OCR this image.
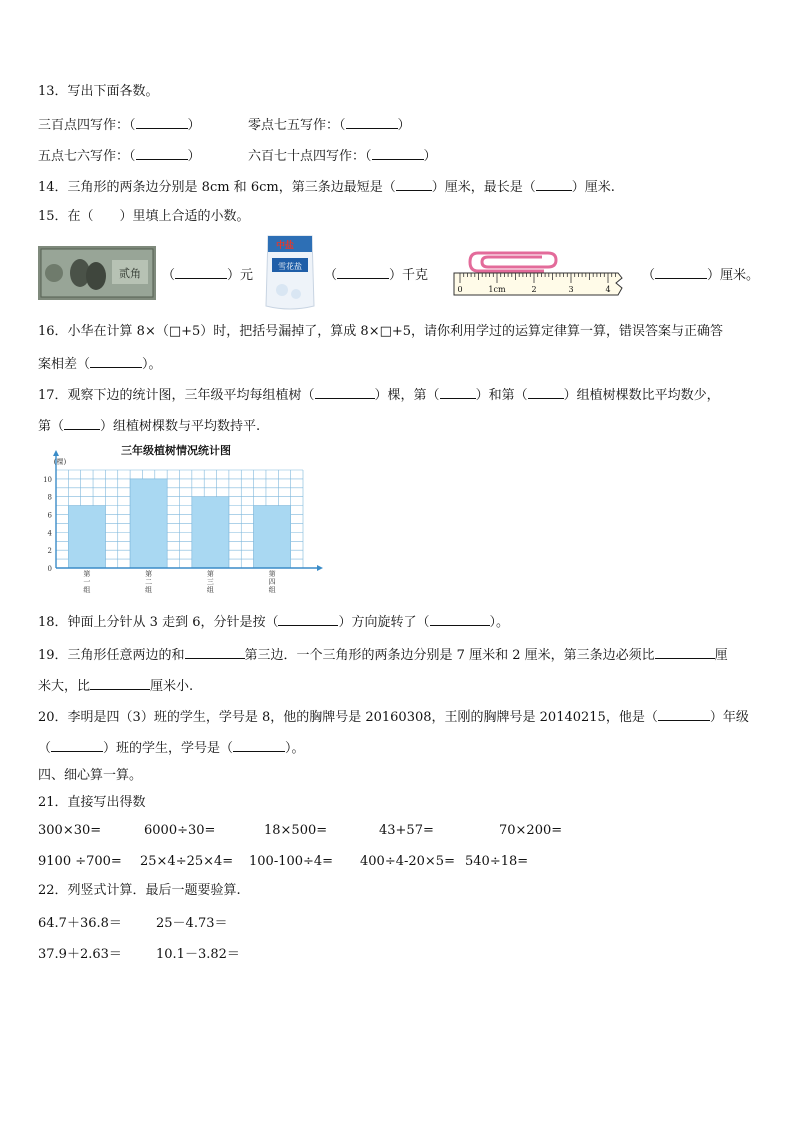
13．写出下面各数。
三百点四写作：（	）	零点七五写作：（	）
五点七六写作：（	）	六百七十点四写作：（	）
14．三角形的两条边分别是 8cm 和 6cm，第三条边最短是（	）厘米，最长是（	）厘米.
15．在（　　）里填上合适的小数。
贰角 （	）元
中盐
雪花盐
（	）千克
0	1cm	2	3	4
（	）厘米。
16．小华在计算 8×（□+5）时，把括号漏掉了，算成 8×□+5，请你利用学过的运算定律算一算，错误答案与正确答
案相差（	）。
17．观察下边的统计图，三年级平均每组植树（	）棵，第（	）和第（	）组植树棵数比平均数少，
第（	）组植树棵数与平均数持平.
三年级植树情况统计图
(棵)
0
2
4
6
8
10
第一组
第二组
第三组
第四组
18．钟面上分针从 3 走到 6，分针是按（	）方向旋转了（	）。
19．三角形任意两边的和	第三边．一个三角形的两条边分别是 7 厘米和 2 厘米，第三条边必须比	厘
米大，比	厘米小.
20．李明是四（3）班的学生，学号是 8，他的胸牌号是 20160308，王刚的胸牌号是 20140215，他是（	）年级
（	）班的学生，学号是（	）。
四、细心算一算。
21．直接写出得数
300×30=	6000÷30=	18×500=	43+57=	70×200=
9100 ÷700= 25×4÷25×4= 100-100÷4= 400÷4-20×5= 540÷18=
22．列竖式计算．最后一题要验算.
64.7＋36.8＝	25－4.73＝
37.9＋2.63＝	10.1－3.82＝
